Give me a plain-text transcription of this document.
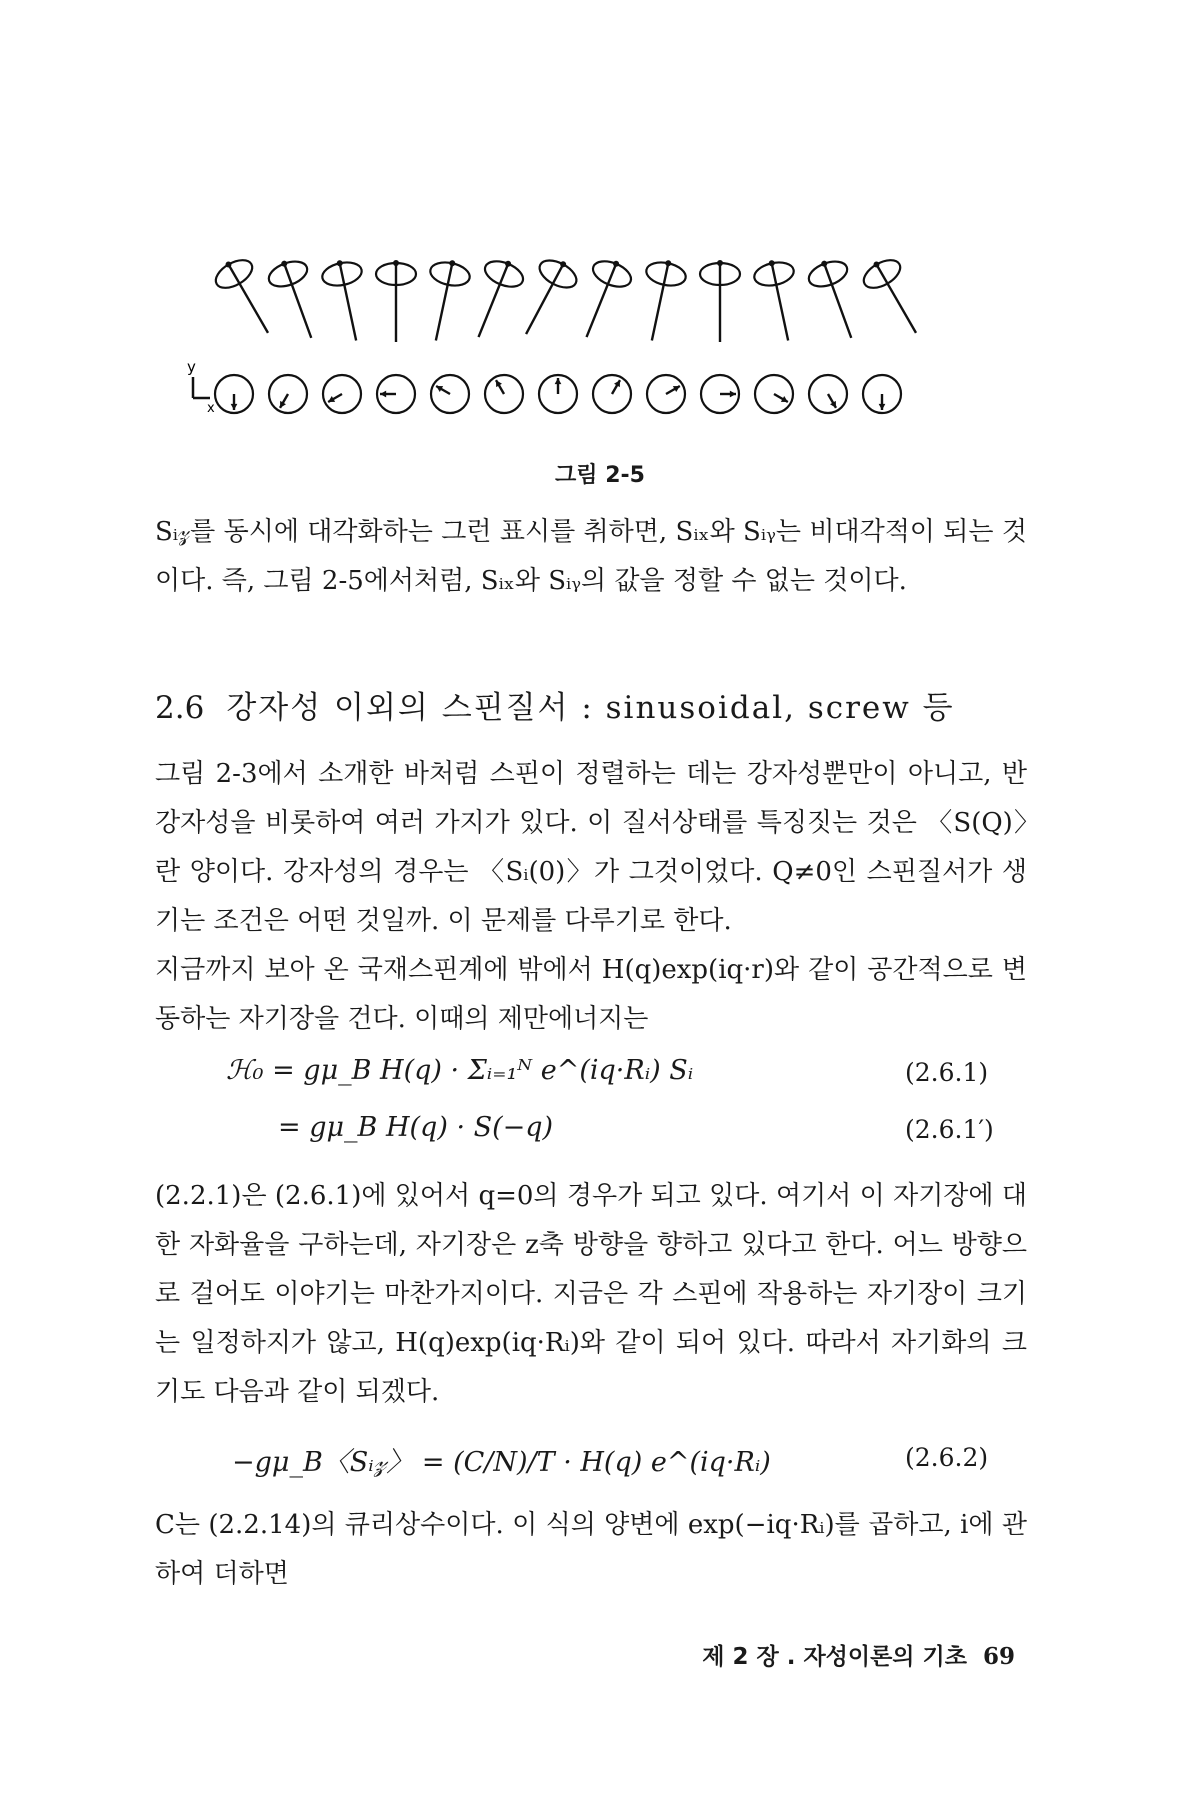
y
x
그림 2-5
Sᵢ𝓏를 동시에 대각화하는 그런 표시를 취하면, Sᵢₓ와 Sᵢᵧ는 비대각적이 되는 것이다. 즉, 그림 2-5에서처럼, Sᵢₓ와 Sᵢᵧ의 값을 정할 수 없는 것이다.
2.6 강자성 이외의 스핀질서 : sinusoidal, screw 등
그림 2-3에서 소개한 바처럼 스핀이 정렬하는 데는 강자성뿐만이 아니고, 반강자성을 비롯하여 여러 가지가 있다. 이 질서상태를 특징짓는 것은 〈S(Q)〉란 양이다. 강자성의 경우는 〈Sᵢ(0)〉가 그것이었다. Q≠0인 스핀질서가 생기는 조건은 어떤 것일까. 이 문제를 다루기로 한다.
지금까지 보아 온 국재스핀계에 밖에서 H(q)exp(iq·r)와 같이 공간적으로 변동하는 자기장을 건다. 이때의 제만에너지는
ℋ₀ = gμ_B H(q) · Σᵢ₌₁ᴺ e^(iq·Rᵢ) Sᵢ	(2.6.1)
= gμ_B H(q) · S(−q)	(2.6.1′)
(2.2.1)은 (2.6.1)에 있어서 q=0의 경우가 되고 있다. 여기서 이 자기장에 대한 자화율을 구하는데, 자기장은 z축 방향을 향하고 있다고 한다. 어느 방향으로 걸어도 이야기는 마찬가지이다. 지금은 각 스핀에 작용하는 자기장이 크기는 일정하지가 않고, H(q)exp(iq·Rᵢ)와 같이 되어 있다. 따라서 자기화의 크기도 다음과 같이 되겠다.
−gμ_B〈Sᵢ𝓏〉 = (C/N)/T · H(q) e^(iq·Rᵢ)	(2.6.2)
C는 (2.2.14)의 큐리상수이다. 이 식의 양변에 exp(−iq·Rᵢ)를 곱하고, i에 관하여 더하면
제 2 장 . 자성이론의 기초 69
